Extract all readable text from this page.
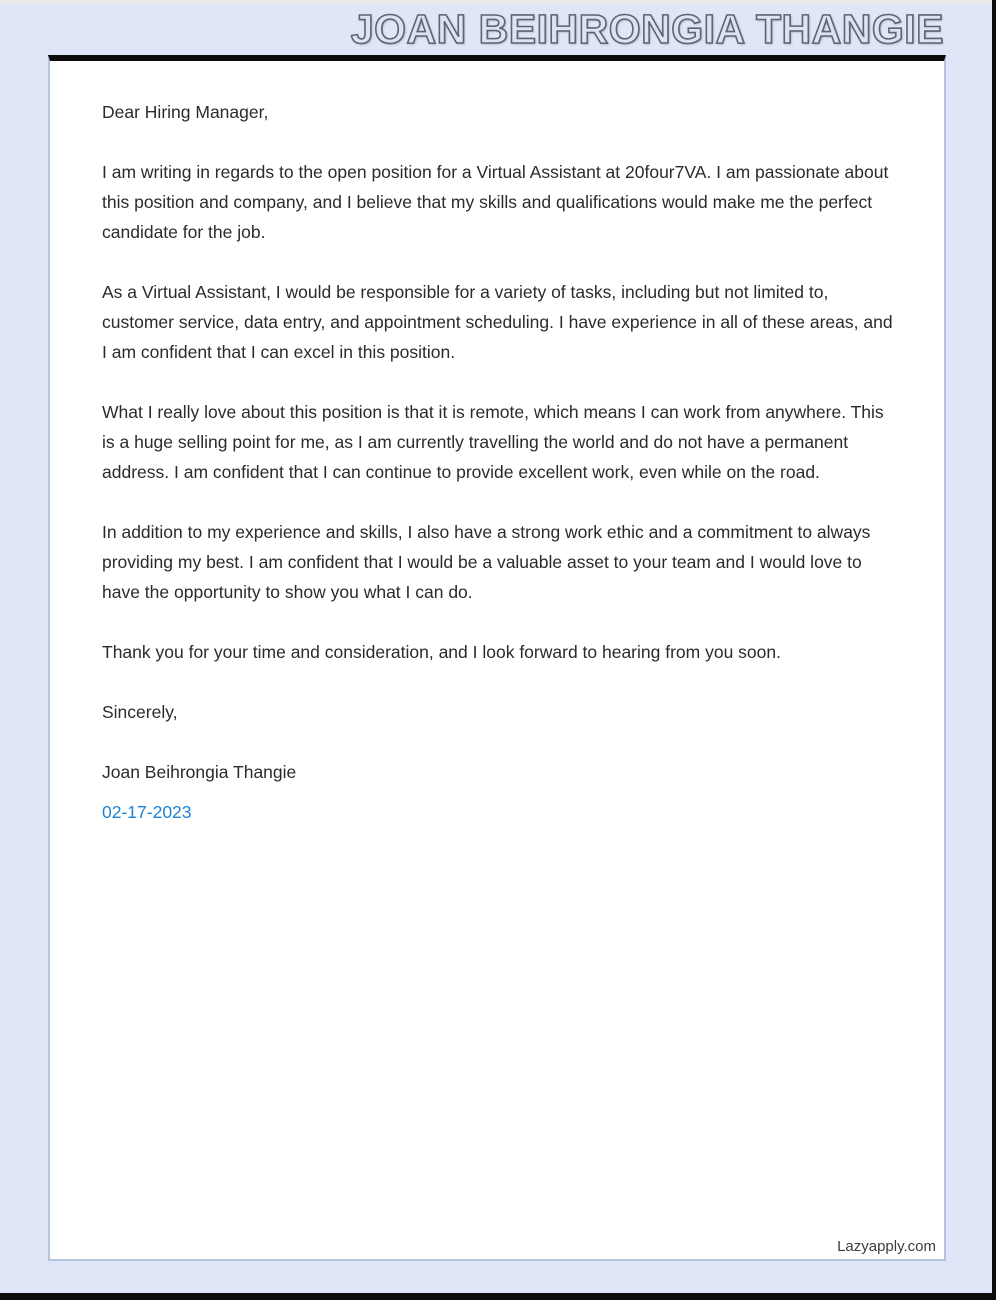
JOAN BEIHRONGIA THANGIE

Dear Hiring Manager,

I am writing in regards to the open position for a Virtual Assistant at 20four7VA. I am passionate about this position and company, and I believe that my skills and qualifications would make me the perfect candidate for the job.

As a Virtual Assistant, I would be responsible for a variety of tasks, including but not limited to, customer service, data entry, and appointment scheduling. I have experience in all of these areas, and I am confident that I can excel in this position.

What I really love about this position is that it is remote, which means I can work from anywhere. This is a huge selling point for me, as I am currently travelling the world and do not have a permanent address. I am confident that I can continue to provide excellent work, even while on the road.

In addition to my experience and skills, I also have a strong work ethic and a commitment to always providing my best. I am confident that I would be a valuable asset to your team and I would love to have the opportunity to show you what I can do.

Thank you for your time and consideration, and I look forward to hearing from you soon.

Sincerely,

Joan Beihrongia Thangie

02-17-2023

Lazyapply.com
